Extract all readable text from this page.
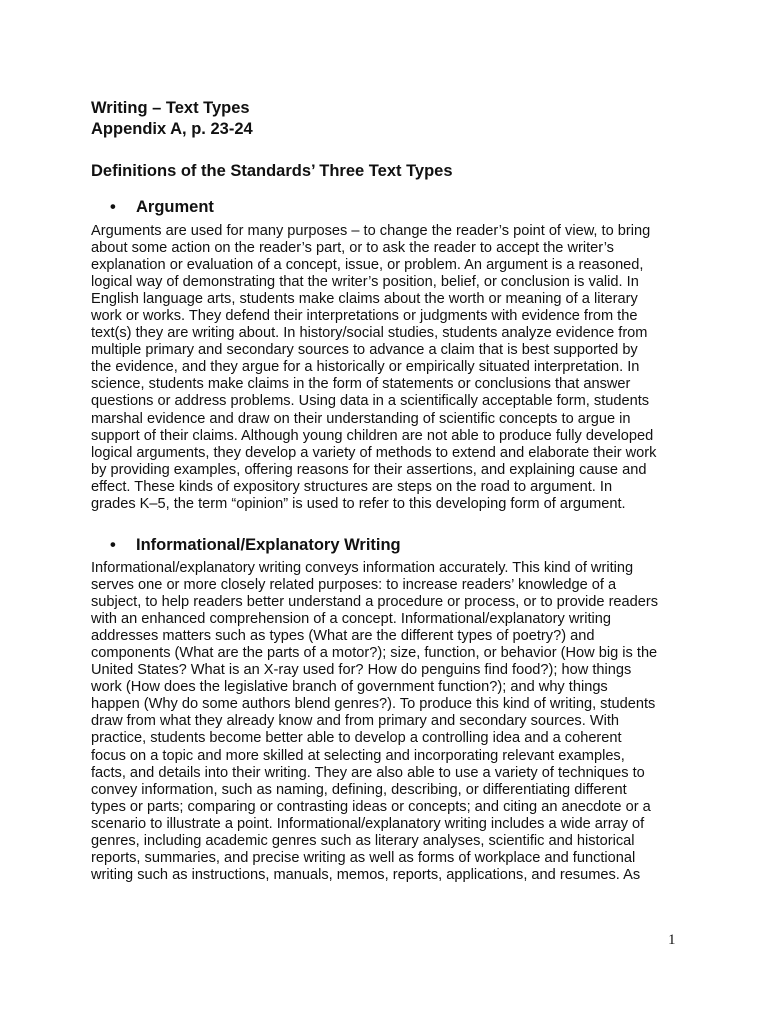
Writing – Text Types
Appendix A, p. 23-24
Definitions of the Standards’ Three Text Types
• Argument
Arguments are used for many purposes – to change the reader’s point of view, to bring
about some action on the reader’s part, or to ask the reader to accept the writer’s
explanation or evaluation of a concept, issue, or problem. An argument is a reasoned,
logical way of demonstrating that the writer’s position, belief, or conclusion is valid. In
English language arts, students make claims about the worth or meaning of a literary
work or works. They defend their interpretations or judgments with evidence from the
text(s) they are writing about. In history/social studies, students analyze evidence from
multiple primary and secondary sources to advance a claim that is best supported by
the evidence, and they argue for a historically or empirically situated interpretation. In
science, students make claims in the form of statements or conclusions that answer
questions or address problems. Using data in a scientifically acceptable form, students
marshal evidence and draw on their understanding of scientific concepts to argue in
support of their claims. Although young children are not able to produce fully developed
logical arguments, they develop a variety of methods to extend and elaborate their work
by providing examples, offering reasons for their assertions, and explaining cause and
effect. These kinds of expository structures are steps on the road to argument. In
grades K–5, the term “opinion” is used to refer to this developing form of argument.
• Informational/Explanatory Writing
Informational/explanatory writing conveys information accurately. This kind of writing
serves one or more closely related purposes: to increase readers’ knowledge of a
subject, to help readers better understand a procedure or process, or to provide readers
with an enhanced comprehension of a concept. Informational/explanatory writing
addresses matters such as types (What are the different types of poetry?) and
components (What are the parts of a motor?); size, function, or behavior (How big is the
United States? What is an X-ray used for? How do penguins find food?); how things
work (How does the legislative branch of government function?); and why things
happen (Why do some authors blend genres?). To produce this kind of writing, students
draw from what they already know and from primary and secondary sources. With
practice, students become better able to develop a controlling idea and a coherent
focus on a topic and more skilled at selecting and incorporating relevant examples,
facts, and details into their writing. They are also able to use a variety of techniques to
convey information, such as naming, defining, describing, or differentiating different
types or parts; comparing or contrasting ideas or concepts; and citing an anecdote or a
scenario to illustrate a point. Informational/explanatory writing includes a wide array of
genres, including academic genres such as literary analyses, scientific and historical
reports, summaries, and precise writing as well as forms of workplace and functional
writing such as instructions, manuals, memos, reports, applications, and resumes. As
1
